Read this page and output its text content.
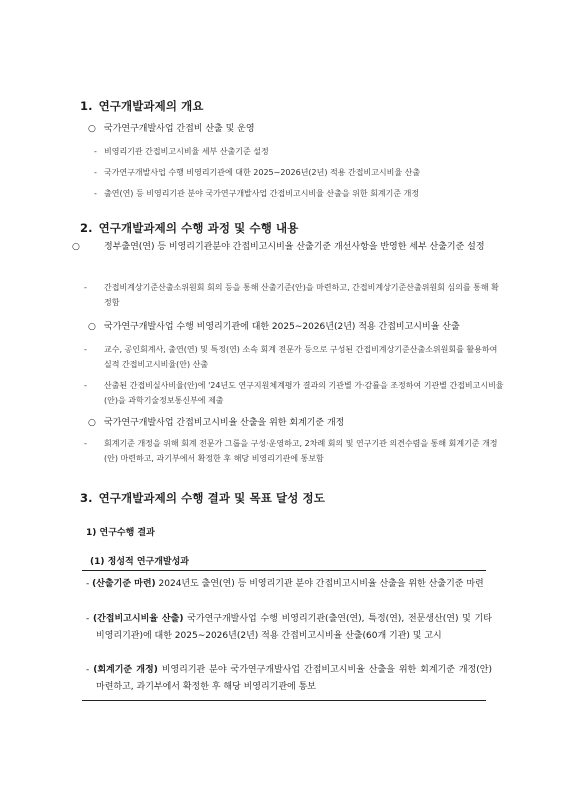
1. 연구개발과제의 개요
○ 국가연구개발사업 간접비 산출 및 운영
- 비영리기관 간접비고시비율 세부 산출기준 설정
- 국가연구개발사업 수행 비영리기관에 대한 2025∼2026년(2년) 적용 간접비고시비율 산출
- 출연(연) 등 비영리기관 분야 국가연구개발사업 간접비고시비율 산출을 위한 회계기준 개정
2. 연구개발과제의 수행 과정 및 수행 내용
○	정부출연(연) 등 비영리기관분야 간접비고시비율 산출기준 개선사항을 반영한 세부 산출기준 설정
- 간접비계상기준산출소위원회 회의 등을 통해 산출기준(안)을 마련하고, 간접비계상기준산출위원회 심의를 통해 확정함
○ 국가연구개발사업 수행 비영리기관에 대한 2025∼2026년(2년) 적용 간접비고시비율 산출
- 교수, 공인회계사, 출연(연) 및 특정(연) 소속 회계 전문가 등으로 구성된 간접비계상기준산출소위원회를 활용하여 실적 간접비고시비율(안) 산출
- 산출된 간접비실사비율(안)에 '24년도 연구지원체계평가 결과의 기관별 가·감률을 조정하여 기관별 간접비고시비율(안)을 과학기술정보통신부에 제출
○ 국가연구개발사업 간접비고시비율 산출을 위한 회계기준 개정
- 회계기준 개정을 위해 회계 전문가 그룹을 구성·운영하고, 2차례 회의 및 연구기관 의견수렴을 통해 회계기준 개정(안) 마련하고, 과기부에서 확정한 후 해당 비영리기관에 통보함
3. 연구개발과제의 수행 결과 및 목표 달성 정도
1) 연구수행 결과
(1) 정성적 연구개발성과
- (산출기준 마련) 2024년도 출연(연) 등 비영리기관 분야 간접비고시비율 산출을 위한 산출기준 마련
- (간접비고시비율 산출) 국가연구개발사업 수행 비영리기관(출연(연), 특정(연), 전문생산(연) 및 기타 비영리기관)에 대한 2025∼2026년(2년) 적용 간접비고시비율 산출(60개 기관) 및 고시
- (회계기준 개정) 비영리기관 분야 국가연구개발사업 간접비고시비율 산출을 위한 회계기준 개정(안) 마련하고, 과기부에서 확정한 후 해당 비영리기관에 통보
